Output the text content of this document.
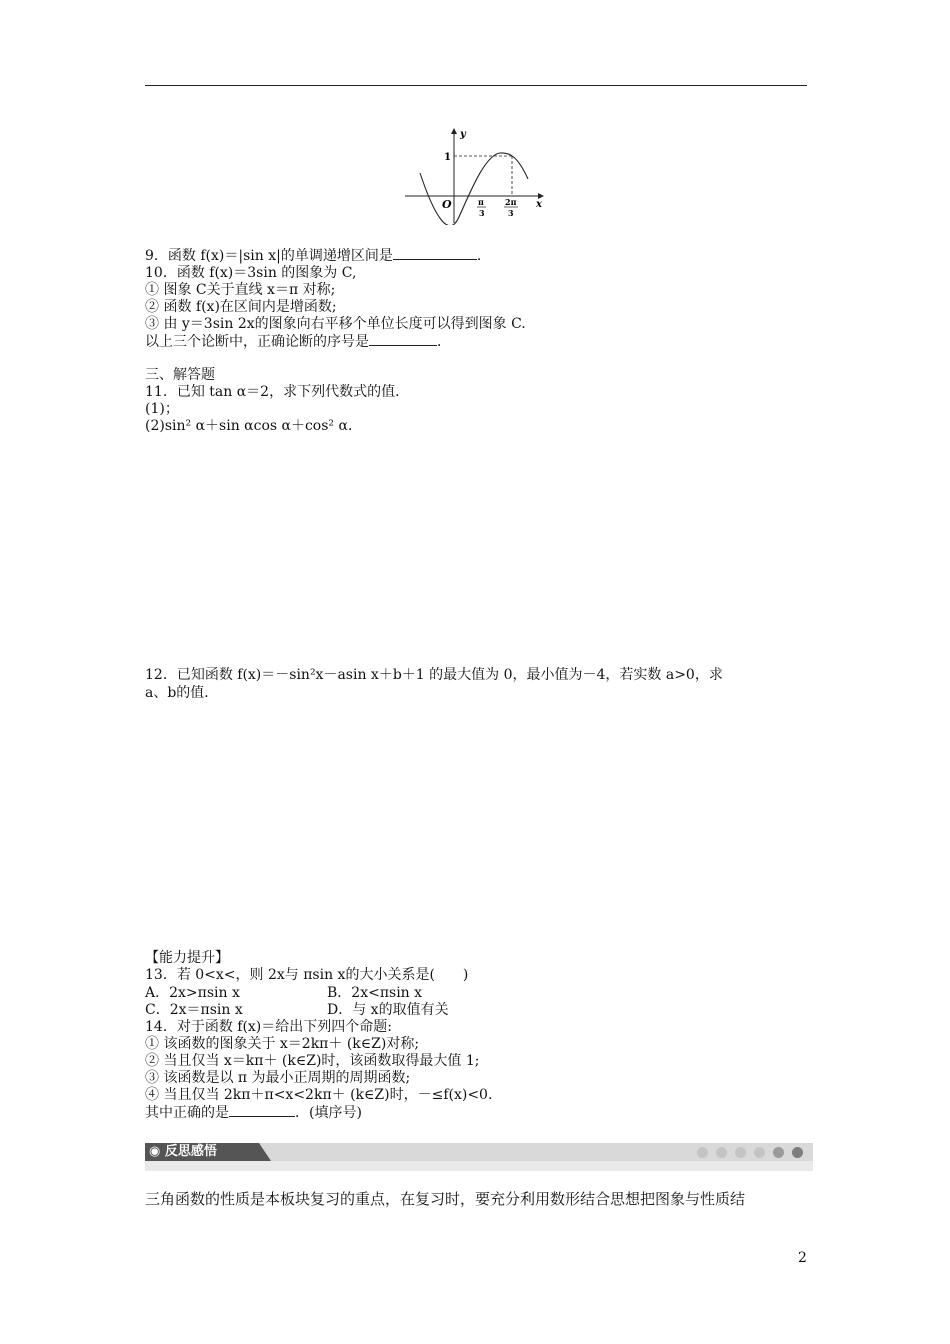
y
x
O
1
π
3
2π
3
9．函数 f(x)＝|sin x|的单调递增区间是	．
10．函数 f(x)＝3sin 的图象为 C,
① 图象 C关于直线 x＝π 对称;
② 函数 f(x)在区间内是增函数;
③ 由 y＝3sin 2x的图象向右平移个单位长度可以得到图象 C.
以上三个论断中，正确论断的序号是	．
三、解答题
11．已知 tan α＝2，求下列代数式的值．
(1)；
(2)sin² α＋sin αcos α＋cos² α．
12．已知函数 f(x)＝－sin²x－asin x＋b＋1 的最大值为 0，最小值为－4，若实数 a>0，求
a、b的值．
【能力提升】
13．若 0<x<，则 2x与 πsin x的大小关系是(　　)
A．2x>πsin x	B．2x<πsin x
C．2x＝πsin x	D．与 x的取值有关
14．对于函数 f(x)＝给出下列四个命题:
① 该函数的图象关于 x＝2kπ＋ (k∈Z)对称;
② 当且仅当 x＝kπ＋ (k∈Z)时，该函数取得最大值 1;
③ 该函数是以 π 为最小正周期的周期函数;
④ 当且仅当 2kπ＋π<x<2kπ＋ (k∈Z)时，－≤f(x)<0.
其中正确的是	．(填序号)
◉ 反思感悟
三角函数的性质是本板块复习的重点，在复习时，要充分利用数形结合思想把图象与性质结
2
